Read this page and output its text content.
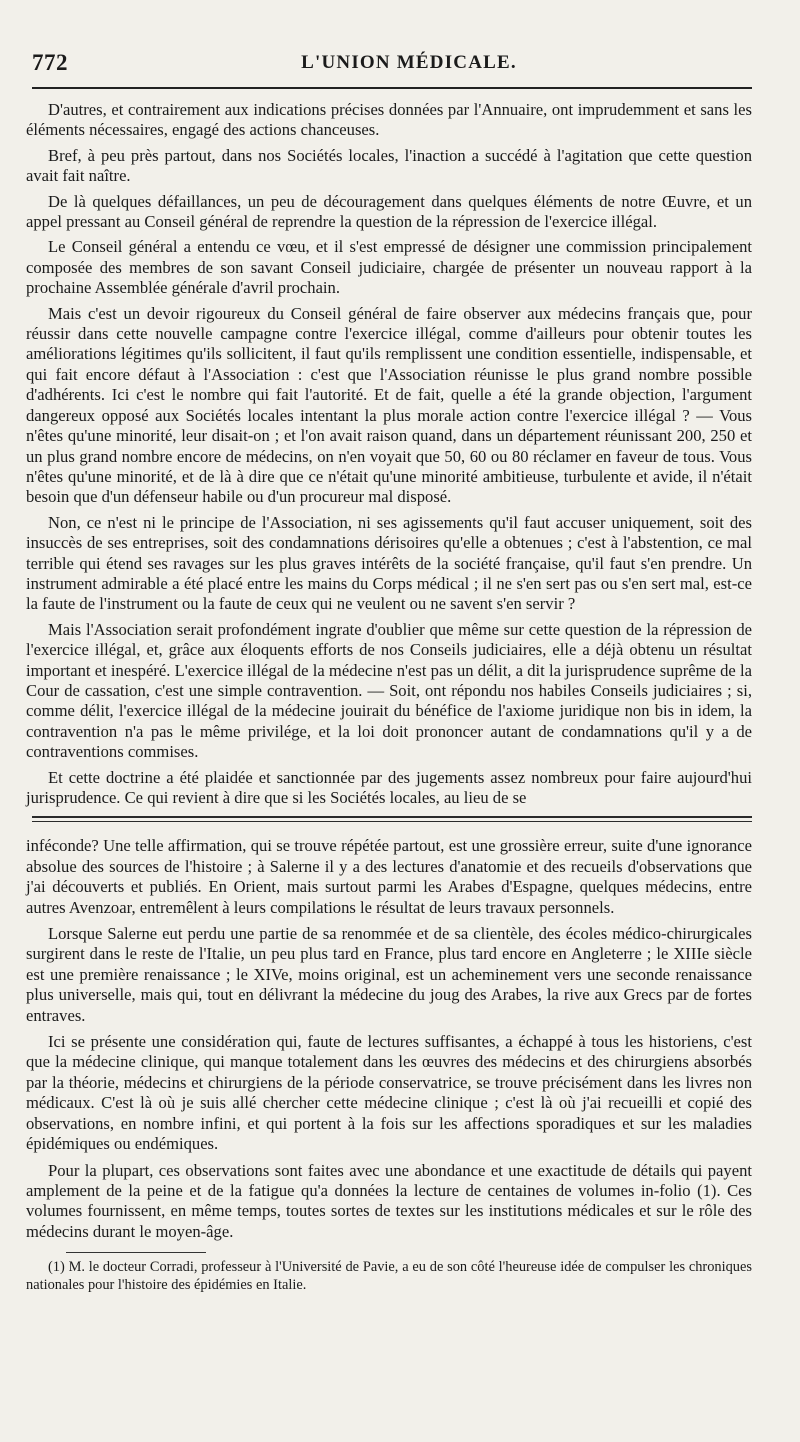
772	L'UNION MÉDICALE.

D'autres, et contrairement aux indications précises données par l'Annuaire, ont imprudemment et sans les éléments nécessaires, engagé des actions chanceuses.

Bref, à peu près partout, dans nos Sociétés locales, l'inaction a succédé à l'agitation que cette question avait fait naître.

De là quelques défaillances, un peu de découragement dans quelques éléments de notre Œuvre, et un appel pressant au Conseil général de reprendre la question de la répression de l'exercice illégal.

Le Conseil général a entendu ce vœu, et il s'est empressé de désigner une commission principalement composée des membres de son savant Conseil judiciaire, chargée de présenter un nouveau rapport à la prochaine Assemblée générale d'avril prochain.

Mais c'est un devoir rigoureux du Conseil général de faire observer aux médecins français que, pour réussir dans cette nouvelle campagne contre l'exercice illégal, comme d'ailleurs pour obtenir toutes les améliorations légitimes qu'ils sollicitent, il faut qu'ils remplissent une condition essentielle, indispensable, et qui fait encore défaut à l'Association : c'est que l'Association réunisse le plus grand nombre possible d'adhérents. Ici c'est le nombre qui fait l'autorité. Et de fait, quelle a été la grande objection, l'argument dangereux opposé aux Sociétés locales intentant la plus morale action contre l'exercice illégal ? — Vous n'êtes qu'une minorité, leur disait-on ; et l'on avait raison quand, dans un département réunissant 200, 250 et un plus grand nombre encore de médecins, on n'en voyait que 50, 60 ou 80 réclamer en faveur de tous. Vous n'êtes qu'une minorité, et de là à dire que ce n'était qu'une minorité ambitieuse, turbulente et avide, il n'était besoin que d'un défenseur habile ou d'un procureur mal disposé.

Non, ce n'est ni le principe de l'Association, ni ses agissements qu'il faut accuser uniquement, soit des insuccès de ses entreprises, soit des condamnations dérisoires qu'elle a obtenues ; c'est à l'abstention, ce mal terrible qui étend ses ravages sur les plus graves intérêts de la société française, qu'il faut s'en prendre. Un instrument admirable a été placé entre les mains du Corps médical ; il ne s'en sert pas ou s'en sert mal, est-ce la faute de l'instrument ou la faute de ceux qui ne veulent ou ne savent s'en servir ?

Mais l'Association serait profondément ingrate d'oublier que même sur cette question de la répression de l'exercice illégal, et, grâce aux éloquents efforts de nos Conseils judiciaires, elle a déjà obtenu un résultat important et inespéré. L'exercice illégal de la médecine n'est pas un délit, a dit la jurisprudence suprême de la Cour de cassation, c'est une simple contravention. — Soit, ont répondu nos habiles Conseils judiciaires ; si, comme délit, l'exercice illégal de la médecine jouirait du bénéfice de l'axiome juridique non bis in idem, la contravention n'a pas le même privilége, et la loi doit prononcer autant de condamnations qu'il y a de contraventions commises.

Et cette doctrine a été plaidée et sanctionnée par des jugements assez nombreux pour faire aujourd'hui jurisprudence. Ce qui revient à dire que si les Sociétés locales, au lieu de se

inféconde? Une telle affirmation, qui se trouve répétée partout, est une grossière erreur, suite d'une ignorance absolue des sources de l'histoire ; à Salerne il y a des lectures d'anatomie et des recueils d'observations que j'ai découverts et publiés. En Orient, mais surtout parmi les Arabes d'Espagne, quelques médecins, entre autres Avenzoar, entremêlent à leurs compilations le résultat de leurs travaux personnels.

Lorsque Salerne eut perdu une partie de sa renommée et de sa clientèle, des écoles médico-chirurgicales surgirent dans le reste de l'Italie, un peu plus tard en France, plus tard encore en Angleterre ; le XIIIe siècle est une première renaissance ; le XIVe, moins original, est un acheminement vers une seconde renaissance plus universelle, mais qui, tout en délivrant la médecine du joug des Arabes, la rive aux Grecs par de fortes entraves.

Ici se présente une considération qui, faute de lectures suffisantes, a échappé à tous les historiens, c'est que la médecine clinique, qui manque totalement dans les œuvres des médecins et des chirurgiens absorbés par la théorie, médecins et chirurgiens de la période conservatrice, se trouve précisément dans les livres non médicaux. C'est là où je suis allé chercher cette médecine clinique ; c'est là où j'ai recueilli et copié des observations, en nombre infini, et qui portent à la fois sur les affections sporadiques et sur les maladies épidémiques ou endémiques.

Pour la plupart, ces observations sont faites avec une abondance et une exactitude de détails qui payent amplement de la peine et de la fatigue qu'a données la lecture de centaines de volumes in-folio (1). Ces volumes fournissent, en même temps, toutes sortes de textes sur les institutions médicales et sur le rôle des médecins durant le moyen-âge.

(1) M. le docteur Corradi, professeur à l'Université de Pavie, a eu de son côté l'heureuse idée de compulser les chroniques nationales pour l'histoire des épidémies en Italie.
